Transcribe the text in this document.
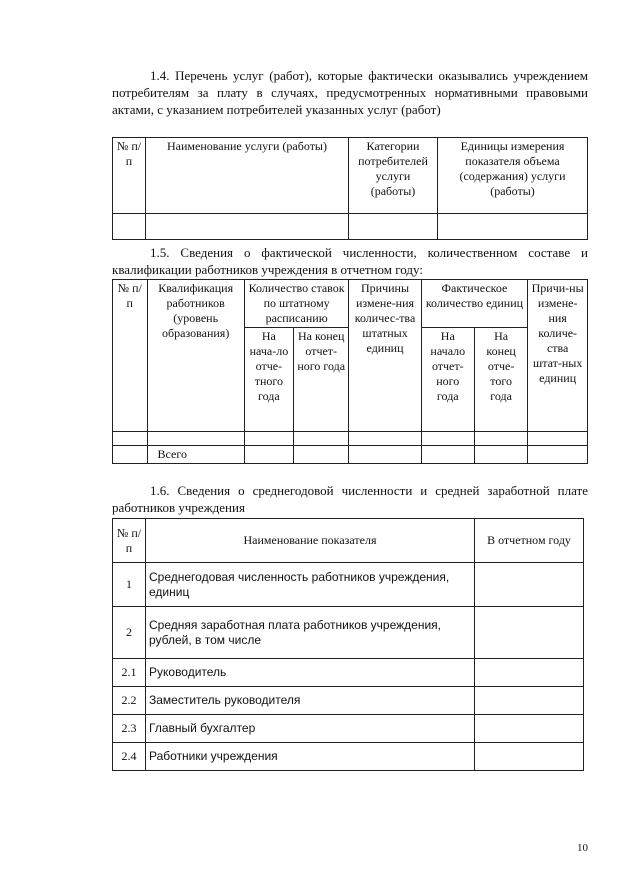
1.4. Перечень услуг (работ), которые фактически оказывались учреждением потребителям за плату в случаях, предусмотренных нормативными правовыми актами, с указанием потребителей указанных услуг (работ)
№ п/п	Наименование услуги (работы)	Категории потребителей услуги (работы)	Единицы измерения показателя объема (содержания) услуги (работы)

1.5. Сведения о фактической численности, количественном составе и квалификации работников учреждения в отчетном году:
№ п/п	Квалификация работников (уровень образования)	Количество ставок по штатному расписанию		Причины измене-ния количес-тва штатных единиц	Фактическое количество единиц		Причи-ны измене-ния количе-ства штат-ных единиц
		На нача-ло отче-тного года	На конец отчет-ного года		На начало отчет-ного года	На конец отче-того года	

	Всего						
1.6. Сведения о среднегодовой численности и средней заработной плате работников учреждения
№ п/п	Наименование показателя	В отчетном году
1	Среднегодовая численность работников учреждения, единиц	
2	Средняя заработная плата работников учреждения, рублей, в том числе	
2.1	Руководитель	
2.2	Заместитель руководителя	
2.3	Главный бухгалтер	
2.4	Работники учреждения	
10
